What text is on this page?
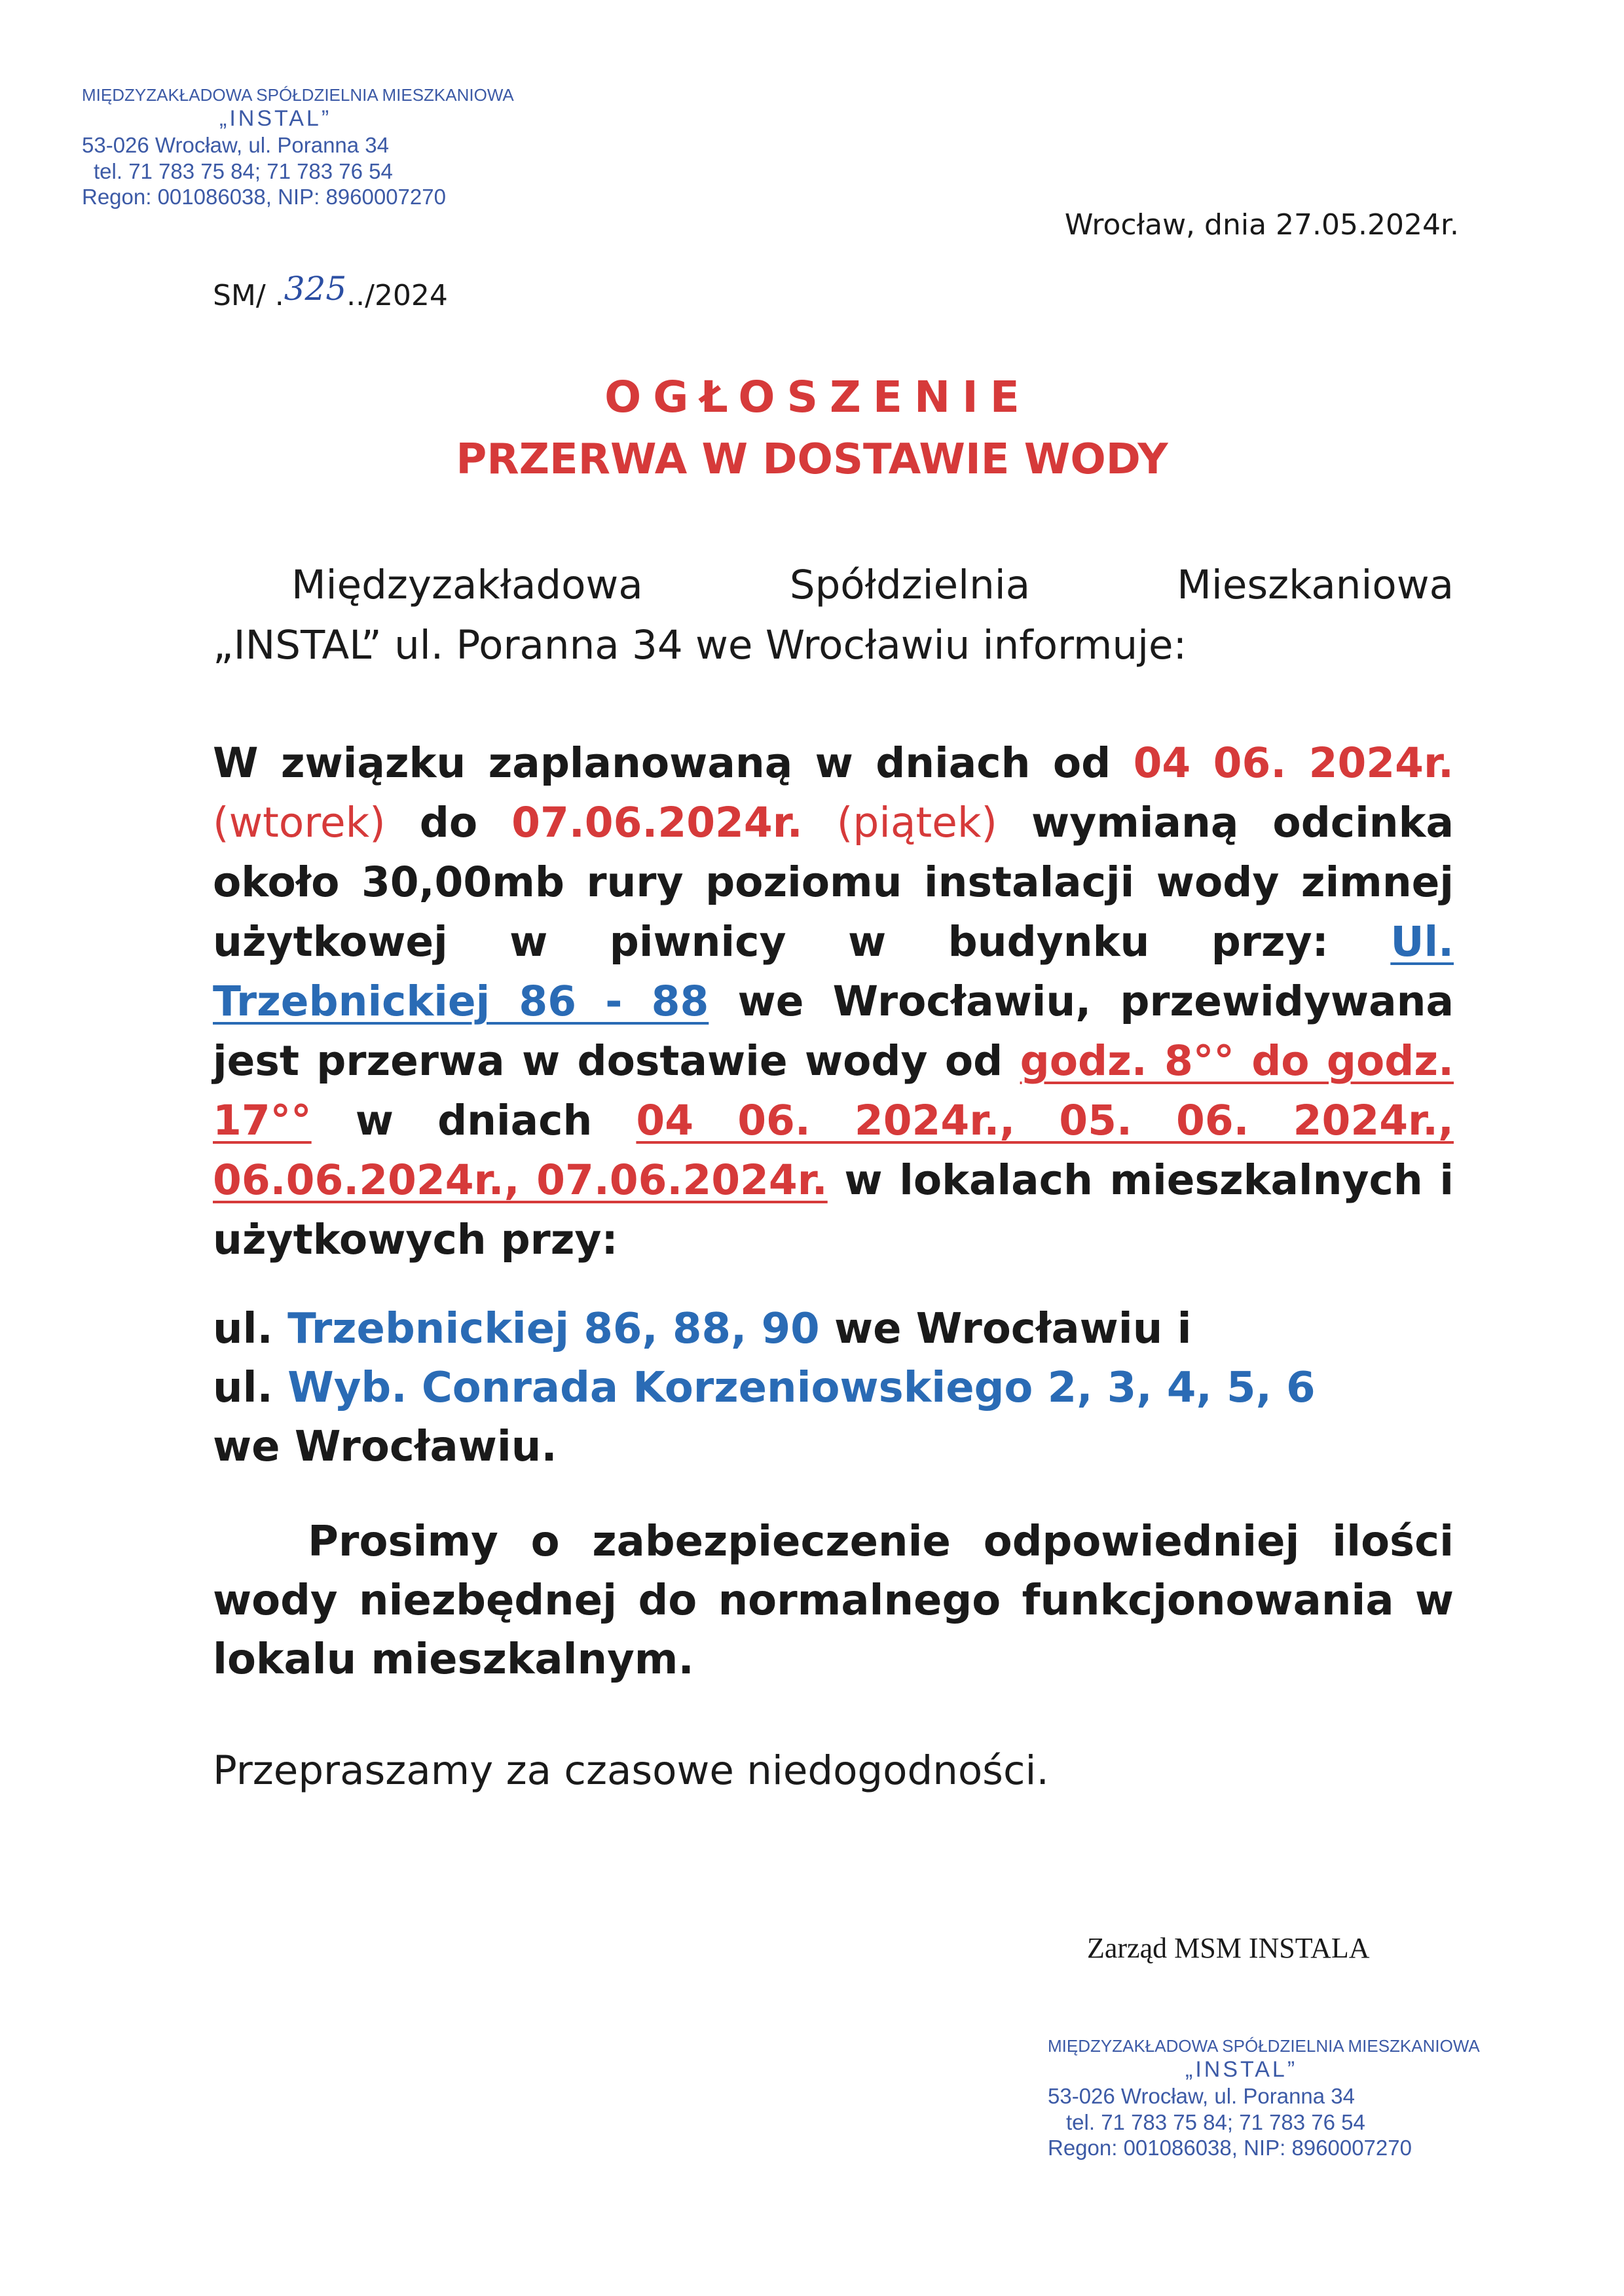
MIĘDZYZAKŁADOWA SPÓŁDZIELNIA MIESZKANIOWA
„INSTAL”
53-026 Wrocław, ul. Poranna 34
tel. 71 783 75 84; 71 783 76 54
Regon: 001086038, NIP: 8960007270
Wrocław, dnia 27.05.2024r.
SM/ .325../2024
OGŁOSZENIE
PRZERWA W DOSTAWIE WODY
Międzyzakładowa	Spółdzielnia	Mieszkaniowa
„INSTAL” ul. Poranna 34 we Wrocławiu informuje:
W związku zaplanowaną w dniach od 04 06. 2024r. (wtorek) do 07.06.2024r. (piątek) wymianą odcinka około 30,00mb rury poziomu instalacji wody zimnej użytkowej w piwnicy w budynku przy: Ul. Trzebnickiej 86 - 88 we Wrocławiu, przewidywana jest przerwa w dostawie wody od godz. 8°° do godz. 17°° w dniach 04 06. 2024r., 05. 06. 2024r., 06.06.2024r., 07.06.2024r. w lokalach mieszkalnych i użytkowych przy:
ul. Trzebnickiej 86, 88, 90 we Wrocławiu i
ul. Wyb. Conrada Korzeniowskiego 2, 3, 4, 5, 6
we Wrocławiu.
Prosimy o zabezpieczenie odpowiedniej ilości wody niezbędnej do normalnego funkcjonowania w lokalu mieszkalnym.
Przepraszamy za czasowe niedogodności.
Zarząd MSM INSTALA
MIĘDZYZAKŁADOWA SPÓŁDZIELNIA MIESZKANIOWA
„INSTAL”
53-026 Wrocław, ul. Poranna 34
tel. 71 783 75 84; 71 783 76 54
Regon: 001086038, NIP: 8960007270
